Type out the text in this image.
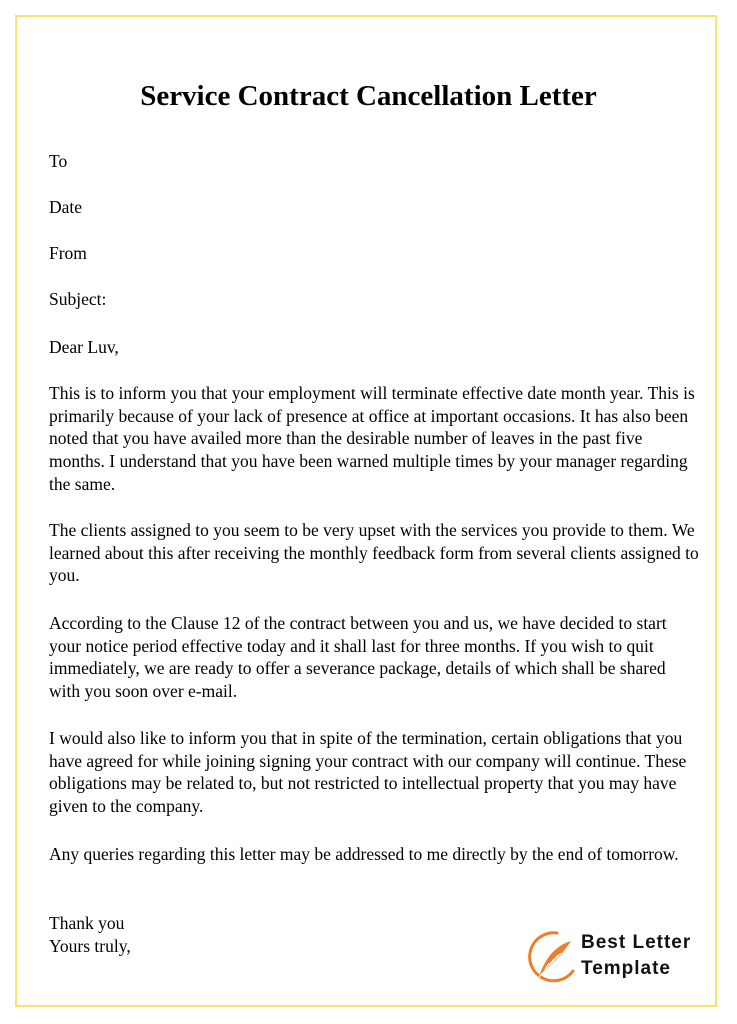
Service Contract Cancellation Letter

To

Date

From

Subject:

Dear Luv,

This is to inform you that your employment will terminate effective date month year. This is primarily because of your lack of presence at office at important occasions. It has also been noted that you have availed more than the desirable number of leaves in the past five months. I understand that you have been warned multiple times by your manager regarding the same.

The clients assigned to you seem to be very upset with the services you provide to them. We learned about this after receiving the monthly feedback form from several clients assigned to you.

According to the Clause 12 of the contract between you and us, we have decided to start your notice period effective today and it shall last for three months. If you wish to quit immediately, we are ready to offer a severance package, details of which shall be shared with you soon over e-mail.

I would also like to inform you that in spite of the termination, certain obligations that you have agreed for while joining signing your contract with our company will continue. These obligations may be related to, but not restricted to intellectual property that you may have given to the company.

Any queries regarding this letter may be addressed to me directly by the end of tomorrow.

Thank you

Yours truly,	Best Letter
Template
